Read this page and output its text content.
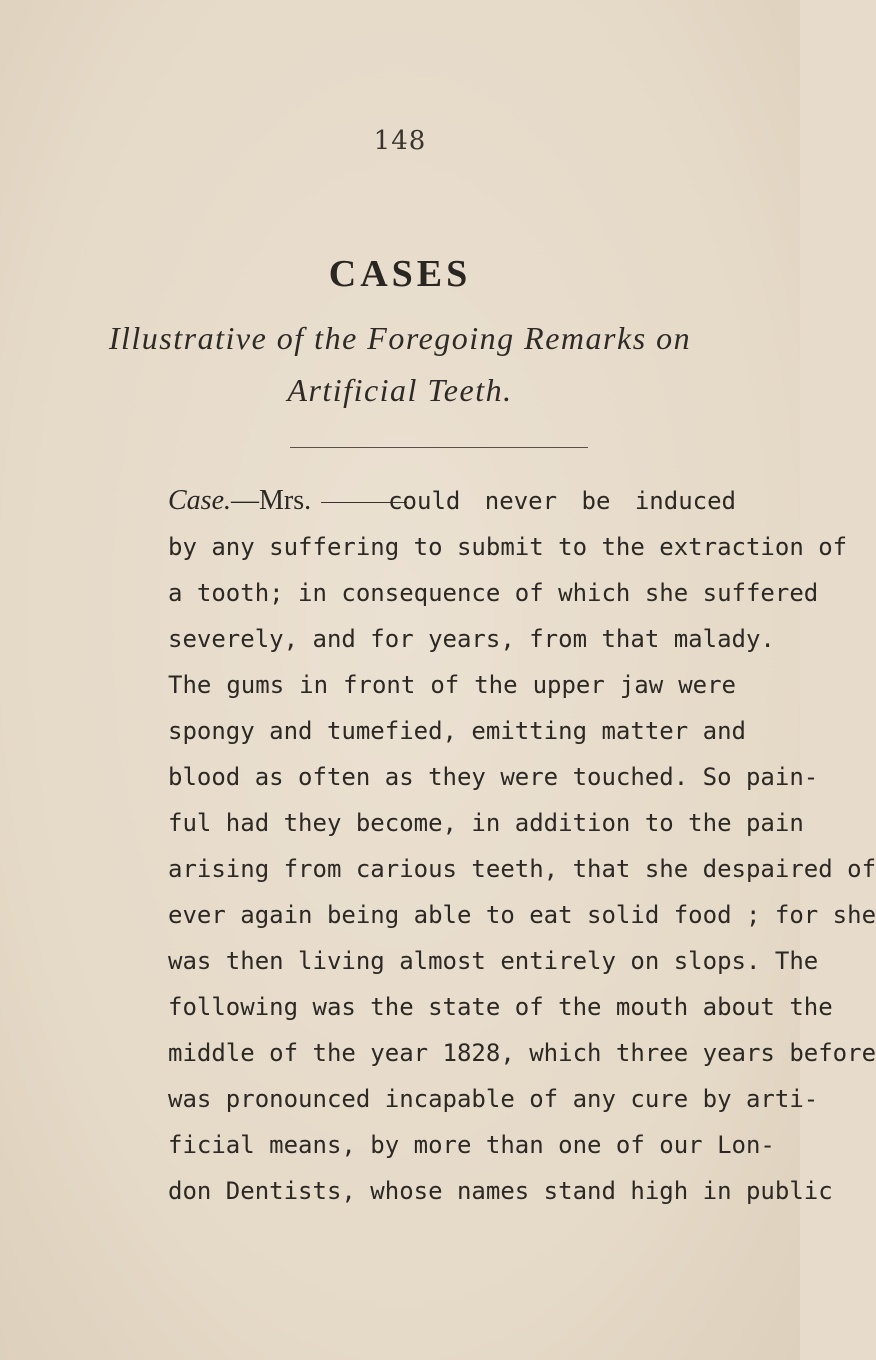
148
CASES
Illustrative of the Foregoing Remarks on
Artificial Teeth.
Case.—Mrs.	could never be induced
by any suffering to submit to the extraction of
a tooth; in consequence of which she suffered
severely, and for years, from that malady.
The gums in front of the upper jaw were
spongy and tumefied, emitting matter and
blood as often as they were touched. So pain-
ful had they become, in addition to the pain
arising from carious teeth, that she despaired of
ever again being able to eat solid food ; for she
was then living almost entirely on slops. The
following was the state of the mouth about the
middle of the year 1828, which three years before
was pronounced incapable of any cure by arti-
ficial means, by more than one of our Lon-
don Dentists, whose names stand high in public
